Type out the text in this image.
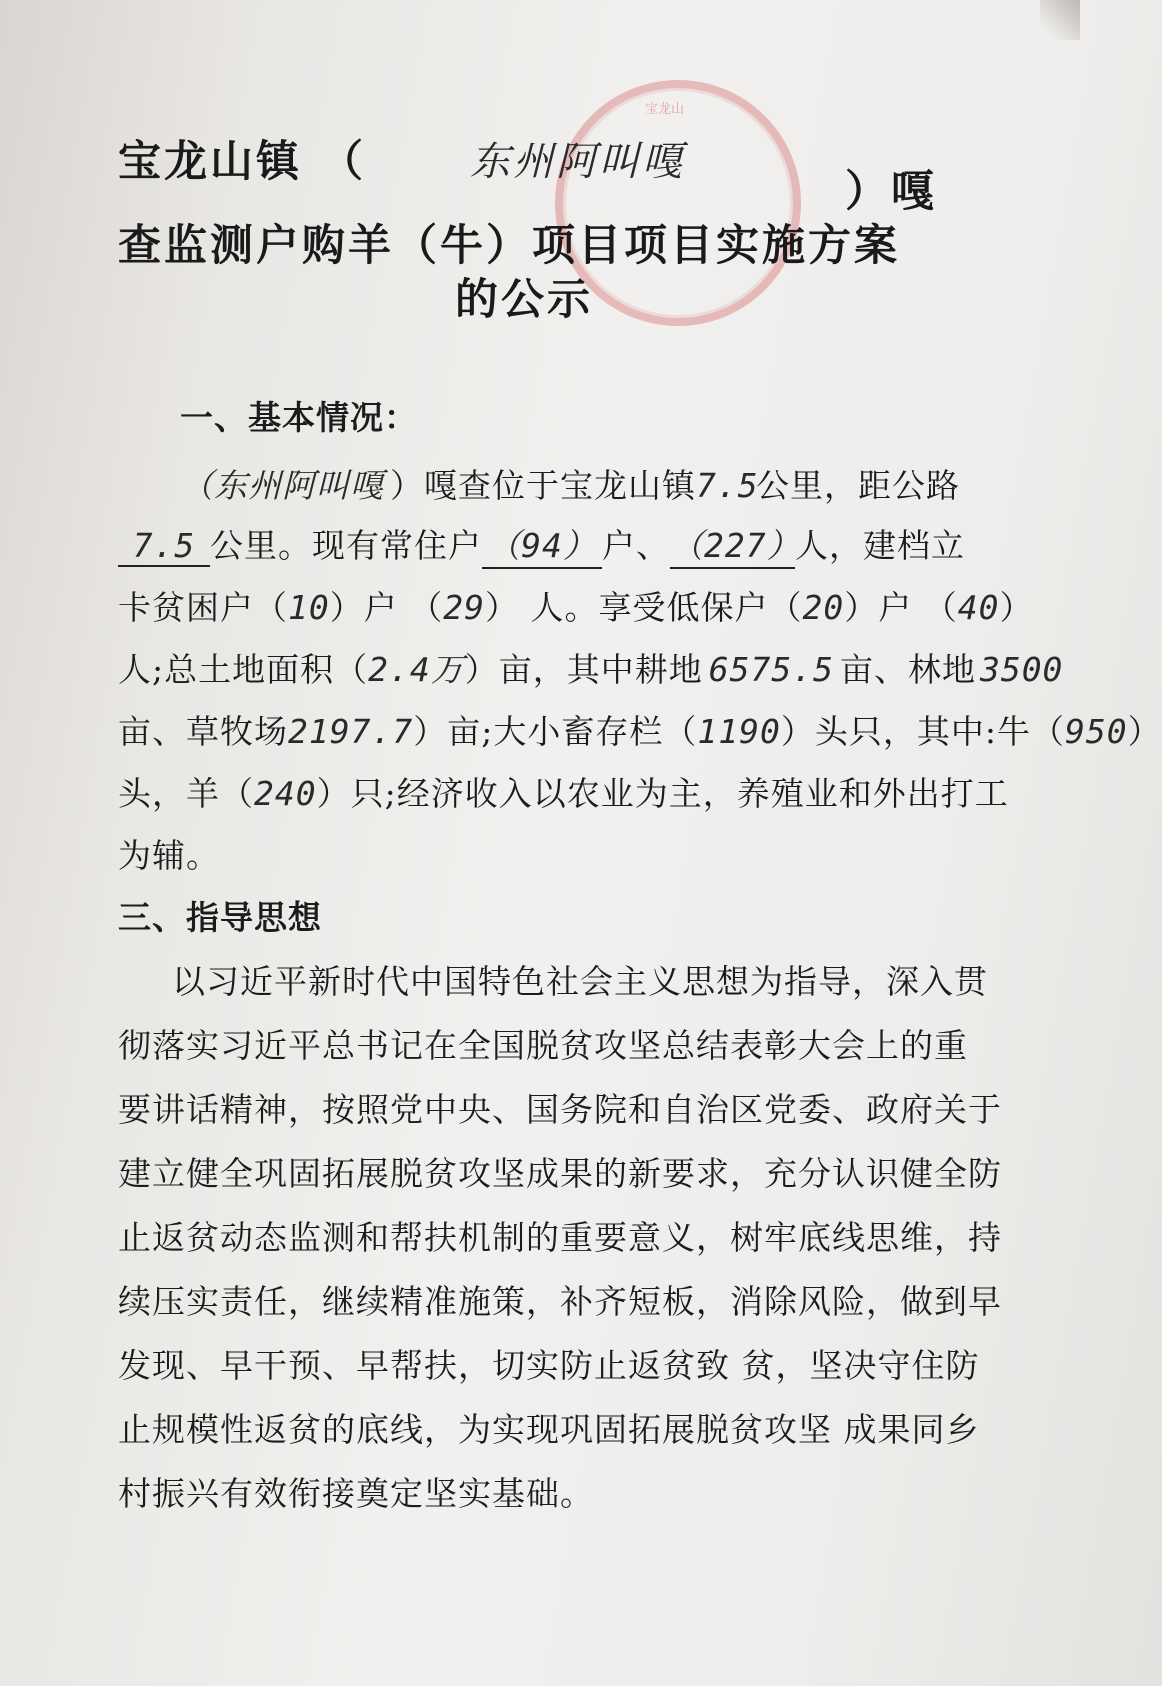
宝龙山
宝龙山镇 （	东州阿叫嘎
）嘎
查监测户购羊（牛）项目项目实施方案
的公示
一、基本情况：
（东州阿叫嘎 ）嘎查位于宝龙山镇7.5公里，距公路
7.5 公里。现有常住户 （94） 户、（227）人，建档立
卡贫困户（10）户 （29） 人。享受低保户（20）户 （40）
人;总土地面积（2.4万）亩，其中耕地 6575.5 亩、林地 3500
亩、草牧场2197.7）亩;大小畜存栏（1190）头只，其中:牛（950）
头，羊（240）只;经济收入以农业为主，养殖业和外出打工
为辅。
三、指导思想
以习近平新时代中国特色社会主义思想为指导，深入贯
彻落实习近平总书记在全国脱贫攻坚总结表彰大会上的重
要讲话精神，按照党中央、国务院和自治区党委、政府关于
建立健全巩固拓展脱贫攻坚成果的新要求，充分认识健全防
止返贫动态监测和帮扶机制的重要意义，树牢底线思维，持
续压实责任，继续精准施策，补齐短板，消除风险，做到早
发现、早干预、早帮扶，切实防止返贫致 贫，坚决守住防
止规模性返贫的底线，为实现巩固拓展脱贫攻坚 成果同乡
村振兴有效衔接奠定坚实基础。
